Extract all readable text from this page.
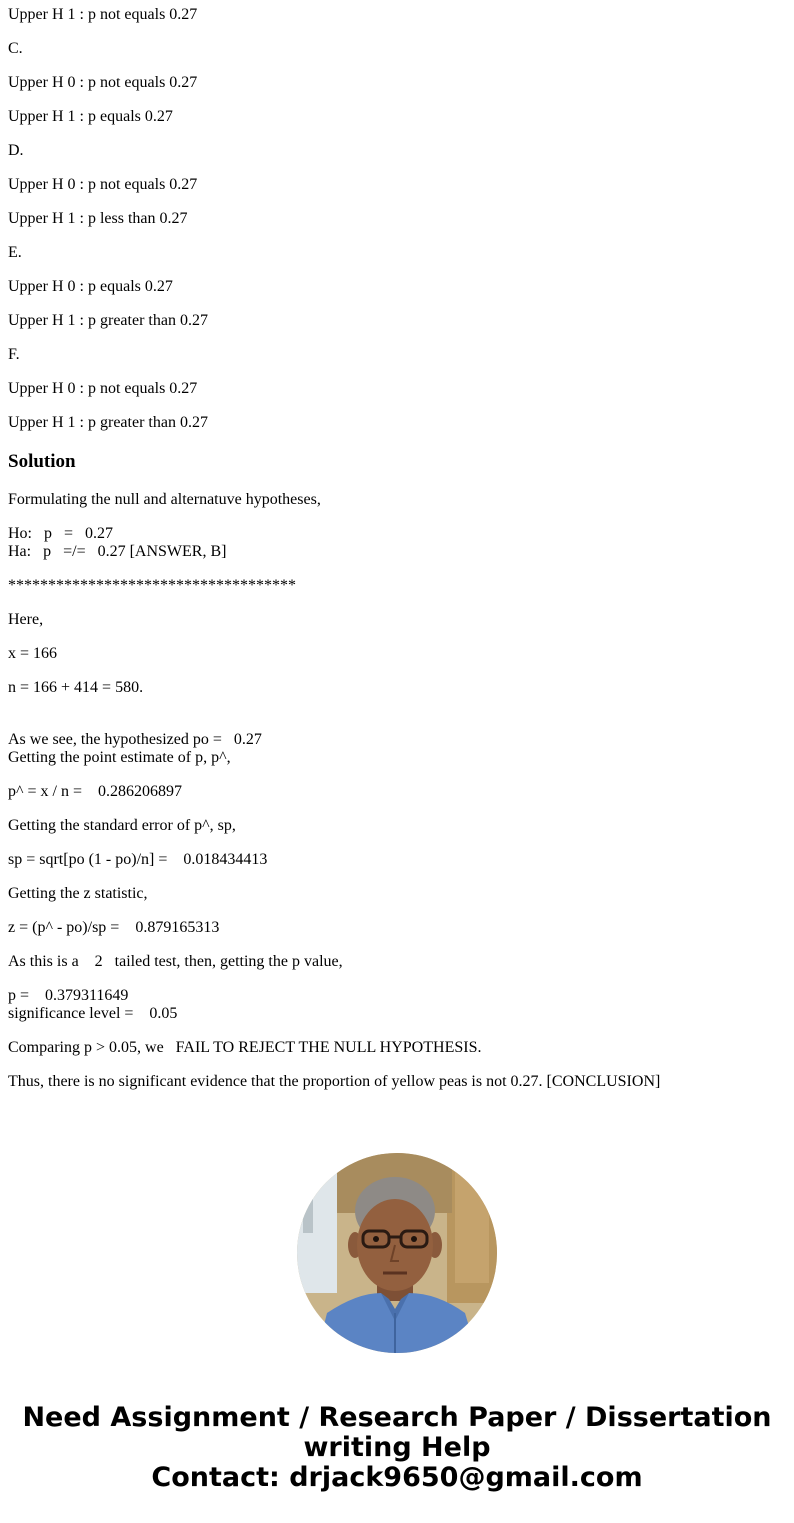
Upper H 1 : p not equals 0.27

C.

Upper H 0 : p not equals 0.27

Upper H 1 : p equals 0.27

D.

Upper H 0 : p not equals 0.27

Upper H 1 : p less than 0.27

E.

Upper H 0 : p equals 0.27

Upper H 1 : p greater than 0.27

F.

Upper H 0 : p not equals 0.27

Upper H 1 : p greater than 0.27

Solution

Formulating the null and alternatuve hypotheses,

Ho:   p   =   0.27

Ha:   p   =/=   0.27 [ANSWER, B]

************************************

Here,

x = 166

n = 166 + 414 = 580.

As we see, the hypothesized po =   0.27

Getting the point estimate of p, p^,

p^ = x / n =    0.286206897

Getting the standard error of p^, sp,

sp = sqrt[po (1 - po)/n] =    0.018434413

Getting the z statistic,

z = (p^ - po)/sp =    0.879165313

As this is a    2   tailed test, then, getting the p value,

p =    0.379311649

significance level =    0.05

Comparing p > 0.05, we   FAIL TO REJECT THE NULL HYPOTHESIS.

Thus, there is no significant evidence that the proportion of yellow peas is not 0.27. [CONCLUSION]

Need Assignment / Research Paper / Dissertation
writing Help
Contact: drjack9650@gmail.com
